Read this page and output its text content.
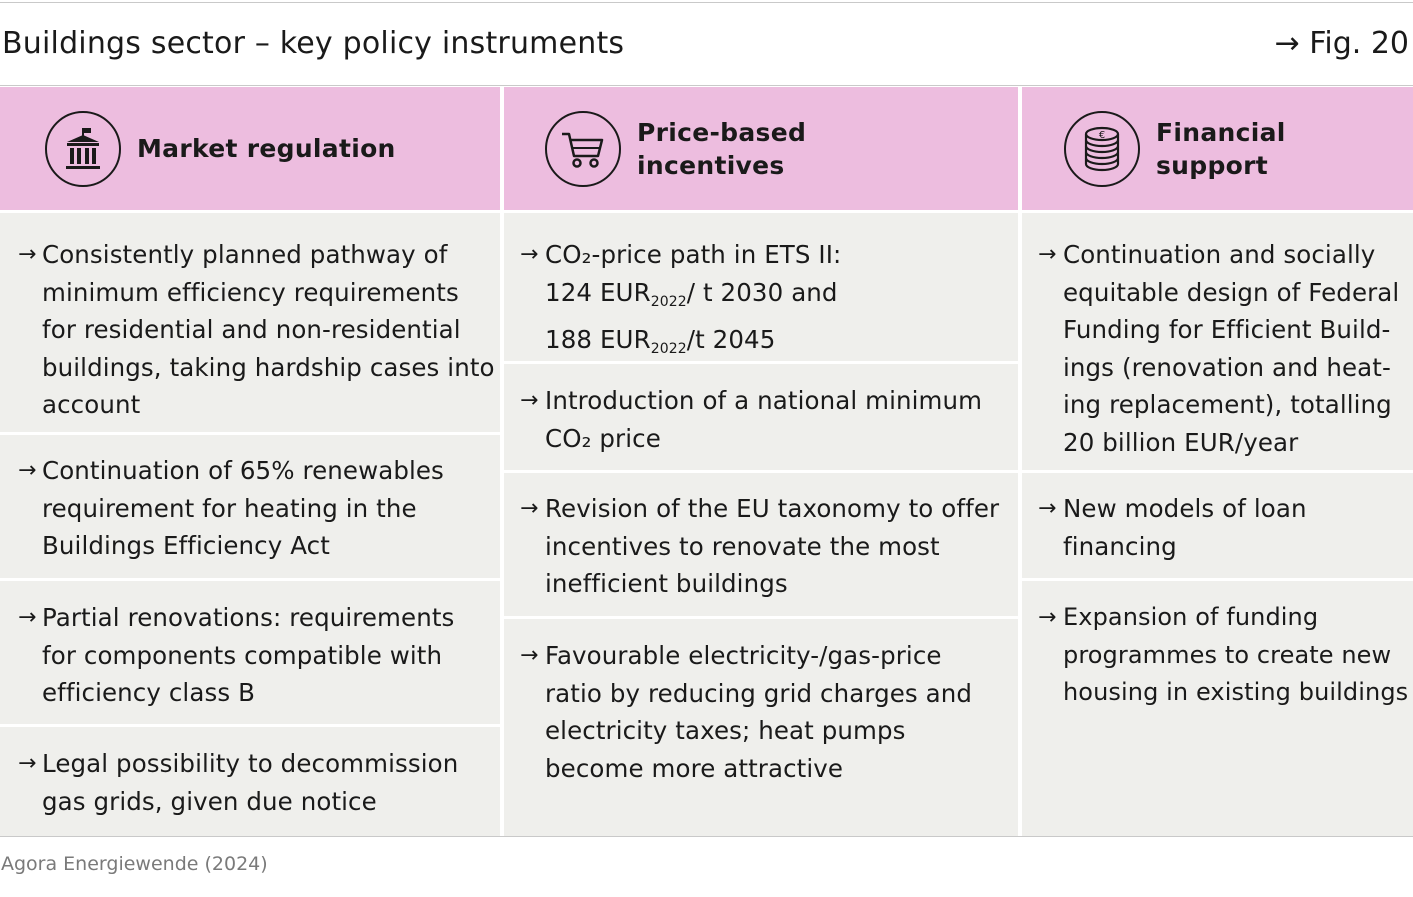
Buildings sector – key policy instruments	→ Fig. 20
Market regulation
→ Consistently planned pathway of
minimum efficiency requirements
for residential and non-residential
buildings, taking hardship cases into
account
→ Continuation of 65% renewables
requirement for heating in the
Buildings Efficiency Act
→ Partial renovations: requirements
for components compatible with
efficiency class B
→ Legal possibility to decommission
gas grids, given due notice
Price-based
incentives
→ CO₂-price path in ETS II:
124 $EUR_{2022}/$ t 2030 and
188 $EUR_{2022}/t$ 2045
→ Introduction of a national minimum
CO₂ price
→ Revision of the EU taxonomy to offer
incentives to renovate the most
inefficient buildings
→ Favourable electricity-/gas-price
ratio by reducing grid charges and
electricity taxes; heat pumps
become more attractive
€ Financial
support
→ Continuation and socially
equitable design of Federal
Funding for Efficient Build-
ings (renovation and heat-
ing replacement), totalling
20 billion EUR/year
→ New models of loan
financing
→ Expansion of funding
programmes to create new
housing in existing buildings
Agora Energiewende (2024)
